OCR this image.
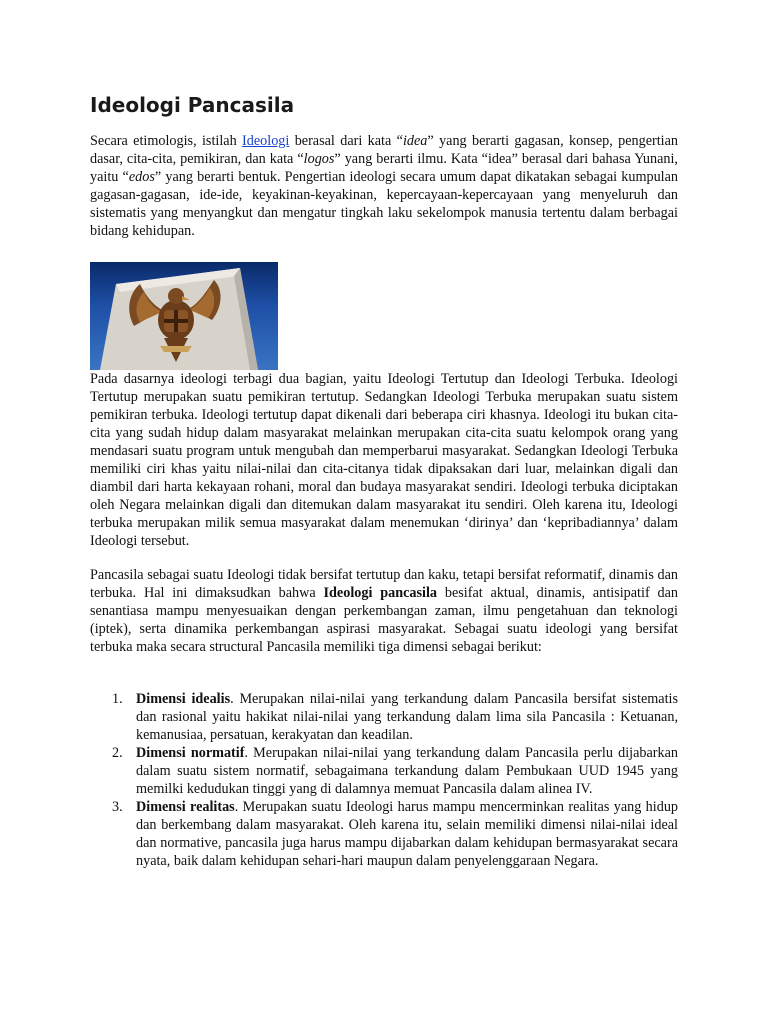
Ideologi Pancasila

Secara etimologis, istilah Ideologi berasal dari kata “idea” yang berarti gagasan, konsep, pengertian dasar, cita-cita, pemikiran, dan kata “logos” yang berarti ilmu. Kata “idea” berasal dari bahasa Yunani, yaitu “edos” yang berarti bentuk. Pengertian ideologi secara umum dapat dikatakan sebagai kumpulan gagasan-gagasan, ide-ide, keyakinan-keyakinan, kepercayaan-kepercayaan yang menyeluruh dan sistematis yang menyangkut dan mengatur tingkah laku sekelompok manusia tertentu dalam berbagai bidang kehidupan.

Pada dasarnya ideologi terbagi dua bagian, yaitu Ideologi Tertutup dan Ideologi Terbuka. Ideologi Tertutup merupakan suatu pemikiran tertutup. Sedangkan Ideologi Terbuka merupakan suatu sistem pemikiran terbuka. Ideologi tertutup dapat dikenali dari beberapa ciri khasnya. Ideologi itu bukan cita-cita yang sudah hidup dalam masyarakat melainkan merupakan cita-cita suatu kelompok orang yang mendasari suatu program untuk mengubah dan memperbarui masyarakat. Sedangkan Ideologi Terbuka memiliki ciri khas yaitu nilai-nilai dan cita-citanya tidak dipaksakan dari luar, melainkan digali dan diambil dari harta kekayaan rohani, moral dan budaya masyarakat sendiri. Ideologi terbuka diciptakan oleh Negara melainkan digali dan ditemukan dalam masyarakat itu sendiri. Oleh karena itu, Ideologi terbuka merupakan milik semua masyarakat dalam menemukan ‘dirinya’ dan ‘kepribadiannya’ dalam Ideologi tersebut.

Pancasila sebagai suatu Ideologi tidak bersifat tertutup dan kaku, tetapi bersifat reformatif, dinamis dan terbuka. Hal ini dimaksudkan bahwa Ideologi pancasila besifat aktual, dinamis, antisipatif dan senantiasa mampu menyesuaikan dengan perkembangan zaman, ilmu pengetahuan dan teknologi (iptek), serta dinamika perkembangan aspirasi masyarakat. Sebagai suatu ideologi yang bersifat terbuka maka secara structural Pancasila memiliki tiga dimensi sebagai berikut:

1. Dimensi idealis. Merupakan nilai-nilai yang terkandung dalam Pancasila bersifat sistematis dan rasional yaitu hakikat nilai-nilai yang terkandung dalam lima sila Pancasila : Ketuanan, kemanusiaa, persatuan, kerakyatan dan keadilan.
2. Dimensi normatif. Merupakan nilai-nilai yang terkandung dalam Pancasila perlu dijabarkan dalam suatu sistem normatif, sebagaimana terkandung dalam Pembukaan UUD 1945 yang memilki kedudukan tinggi yang di dalamnya memuat Pancasila dalam alinea IV.
3. Dimensi realitas. Merupakan suatu Ideologi harus mampu mencerminkan realitas yang hidup dan berkembang dalam masyarakat. Oleh karena itu, selain memiliki dimensi nilai-nilai ideal dan normative, pancasila juga harus mampu dijabarkan dalam kehidupan bermasyarakat secara nyata, baik dalam kehidupan sehari-hari maupun dalam penyelenggaraan Negara.
